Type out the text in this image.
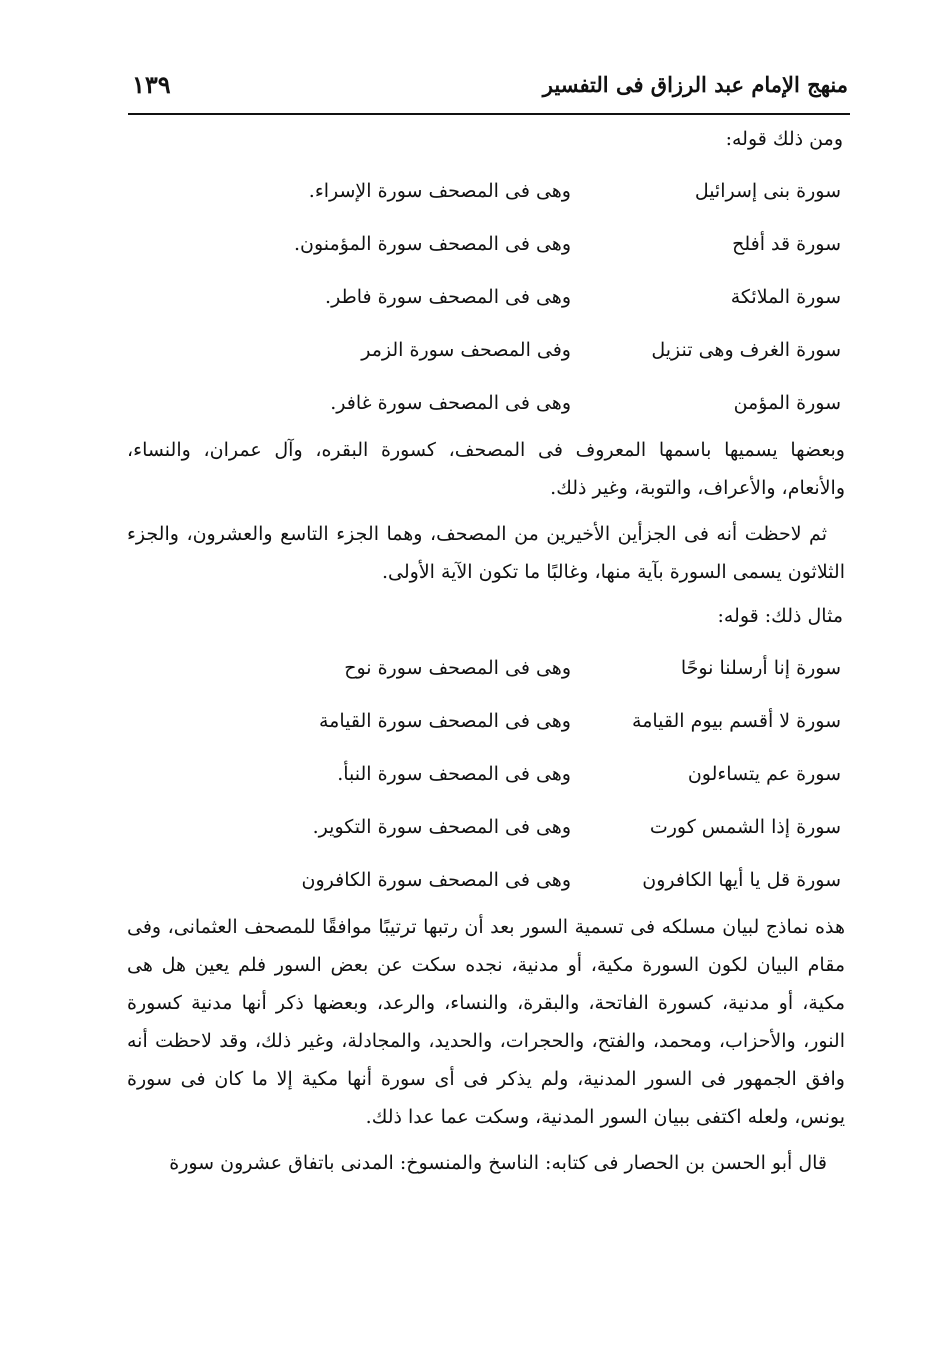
منهج الإمام عبد الرزاق فى التفسير
١٣٩

ومن ذلك قوله:

سورة بنى إسرائيل
وهى فى المصحف سورة الإسراء.
سورة قد أفلح
وهى فى المصحف سورة المؤمنون.
سورة الملائكة
وهى فى المصحف سورة فاطر.
سورة الغرف وهى تنزيل
وفى المصحف سورة الزمر
سورة المؤمن
وهى فى المصحف سورة غافر.

وبعضها يسميها باسمها المعروف فى المصحف، كسورة البقره، وآل عمران، والنساء، والأنعام، والأعراف، والتوبة، وغير ذلك.

ثم لاحظت أنه فى الجزأين الأخيرين من المصحف، وهما الجزء التاسع والعشرون، والجزء الثلاثون يسمى السورة بآية منها، وغالبًا ما تكون الآية الأولى.

مثال ذلك: قوله:

سورة إنا أرسلنا نوحًا
وهى فى المصحف سورة نوح
سورة لا أقسم بيوم القيامة
وهى فى المصحف سورة القيامة
سورة عم يتساءلون
وهى فى المصحف سورة النبأ.
سورة إذا الشمس كورت
وهى فى المصحف سورة التكوير.
سورة قل يا أيها الكافرون
وهى فى المصحف سورة الكافرون

هذه نماذج لبيان مسلكه فى تسمية السور بعد أن رتبها ترتيبًا موافقًا للمصحف العثمانى، وفى مقام البيان لكون السورة مكية، أو مدنية، نجده سكت عن بعض السور فلم يعين هل هى مكية، أو مدنية، كسورة الفاتحة، والبقرة، والنساء، والرعد، وبعضها ذكر أنها مدنية كسورة النور، والأحزاب، ومحمد، والفتح، والحجرات، والحديد، والمجادلة، وغير ذلك، وقد لاحظت أنه وافق الجمهور فى السور المدنية، ولم يذكر فى أى سورة أنها مكية إلا ما كان فى سورة يونس، ولعله اكتفى ببيان السور المدنية، وسكت عما عدا ذلك.

قال أبو الحسن بن الحصار فى كتابه: الناسخ والمنسوخ: المدنى باتفاق عشرون سورة
